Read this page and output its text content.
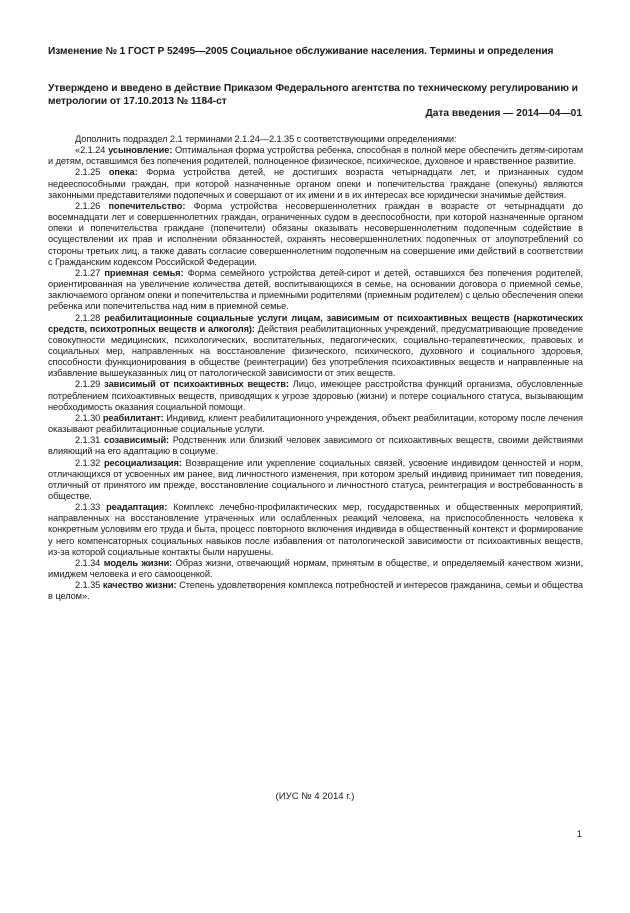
Изменение № 1 ГОСТ Р 52495—2005 Социальное обслуживание населения. Термины и определения
Утверждено и введено в действие Приказом Федерального агентства по техническому регулированию и метрологии от 17.10.2013 № 1184-ст
Дата введения — 2014—04—01

Дополнить подраздел 2.1 терминами 2.1.24—2.1.35 с соответствующими определениями:

«2.1.24 усыновление: Оптимальная форма устройства ребенка, способная в полной мере обеспечить детям-сиротам и детям, оставшимся без попечения родителей, полноценное физическое, психическое, духовное и нравственное развитие.

2.1.25 опека: Форма устройства детей, не достигших возраста четырнадцати лет, и признанных судом недееспособными граждан, при которой назначенные органом опеки и попечительства граждане (опекуны) являются законными представителями подопечных и совершают от их имени и в их интересах все юридически значимые действия.

2.1.26 попечительство: Форма устройства несовершеннолетних граждан в возрасте от четырнадцати до восемнадцати лет и совершеннолетних граждан, ограниченных судом в дееспособности, при которой назначенные органом опеки и попечительства граждане (попечители) обязаны оказывать несовершеннолетним подопечным содействие в осуществлении их прав и исполнении обязанностей, охранять несовершеннолетних подопечных от злоупотреблений со стороны третьих лиц, а также давать согласие совершеннолетним подопечным на совершение ими действий в соответствии с Гражданским кодексом Российской Федерации.

2.1.27 приемная семья: Форма семейного устройства детей-сирот и детей, оставшихся без попечения родителей, ориентированная на увеличение количества детей, воспитывающихся в семье, на основании договора о приемной семье, заключаемого органом опеки и попечительства и приемными родителями (приемным родителем) с целью обеспечения опеки ребенка или попечительства над ним в приемной семье.

2.1.28 реабилитационные социальные услуги лицам, зависимым от психоактивных веществ (наркотических средств, психотропных веществ и алкоголя): Действия реабилитационных учреждений, предусматривающие проведение совокупности медицинских, психологических, воспитательных, педагогических, социально-терапевтических, правовых и социальных мер, направленных на восстановление физического, психического, духовного и социального здоровья, способности функционирования в обществе (реинтеграции) без употребления психоактивных веществ и направленные на избавление вышеуказанных лиц от патологической зависимости от этих веществ.

2.1.29 зависимый от психоактивных веществ: Лицо, имеющее расстройства функций организма, обусловленные потреблением психоактивных веществ, приводящих к угрозе здоровью (жизни) и потере социального статуса, вызывающим необходимость оказания социальной помощи.

2.1.30 реабилитант: Индивид, клиент реабилитационного учреждения, объект реабилитации, которому после лечения оказывают реабилитационные социальные услуги.

2.1.31 созависимый: Родственник или близкий человек зависимого от психоактивных веществ, своими действиями влияющий на его адаптацию в социуме.

2.1.32 ресоциализация: Возвращение или укрепление социальных связей, усвоение индивидом ценностей и норм, отличающихся от усвоенных им ранее, вид личностного изменения, при котором зрелый индивид принимает тип поведения, отличный от принятого им прежде, восстановление социального и личностного статуса, реинтеграция и востребованность в обществе.

2.1.33 реадаптация: Комплекс лечебно-профилактических мер, государственных и общественных мероприятий, направленных на восстановление утраченных или ослабленных реакций человека, на приспособленность человека к конкретным условиям его труда и быта, процесс повторного включения индивида в общественный контекст и формирование у него компенсаторных социальных навыков после избавления от патологической зависимости от психоактивных веществ, из-за которой социальные контакты были нарушены.

2.1.34 модель жизни: Образ жизни, отвечающий нормам, принятым в обществе, и определяемый качеством жизни, имиджем человека и его самооценкой.

2.1.35 качество жизни: Степень удовлетворения комплекса потребностей и интересов гражданина, семьи и общества в целом».

(ИУС № 4 2014 г.)
1
